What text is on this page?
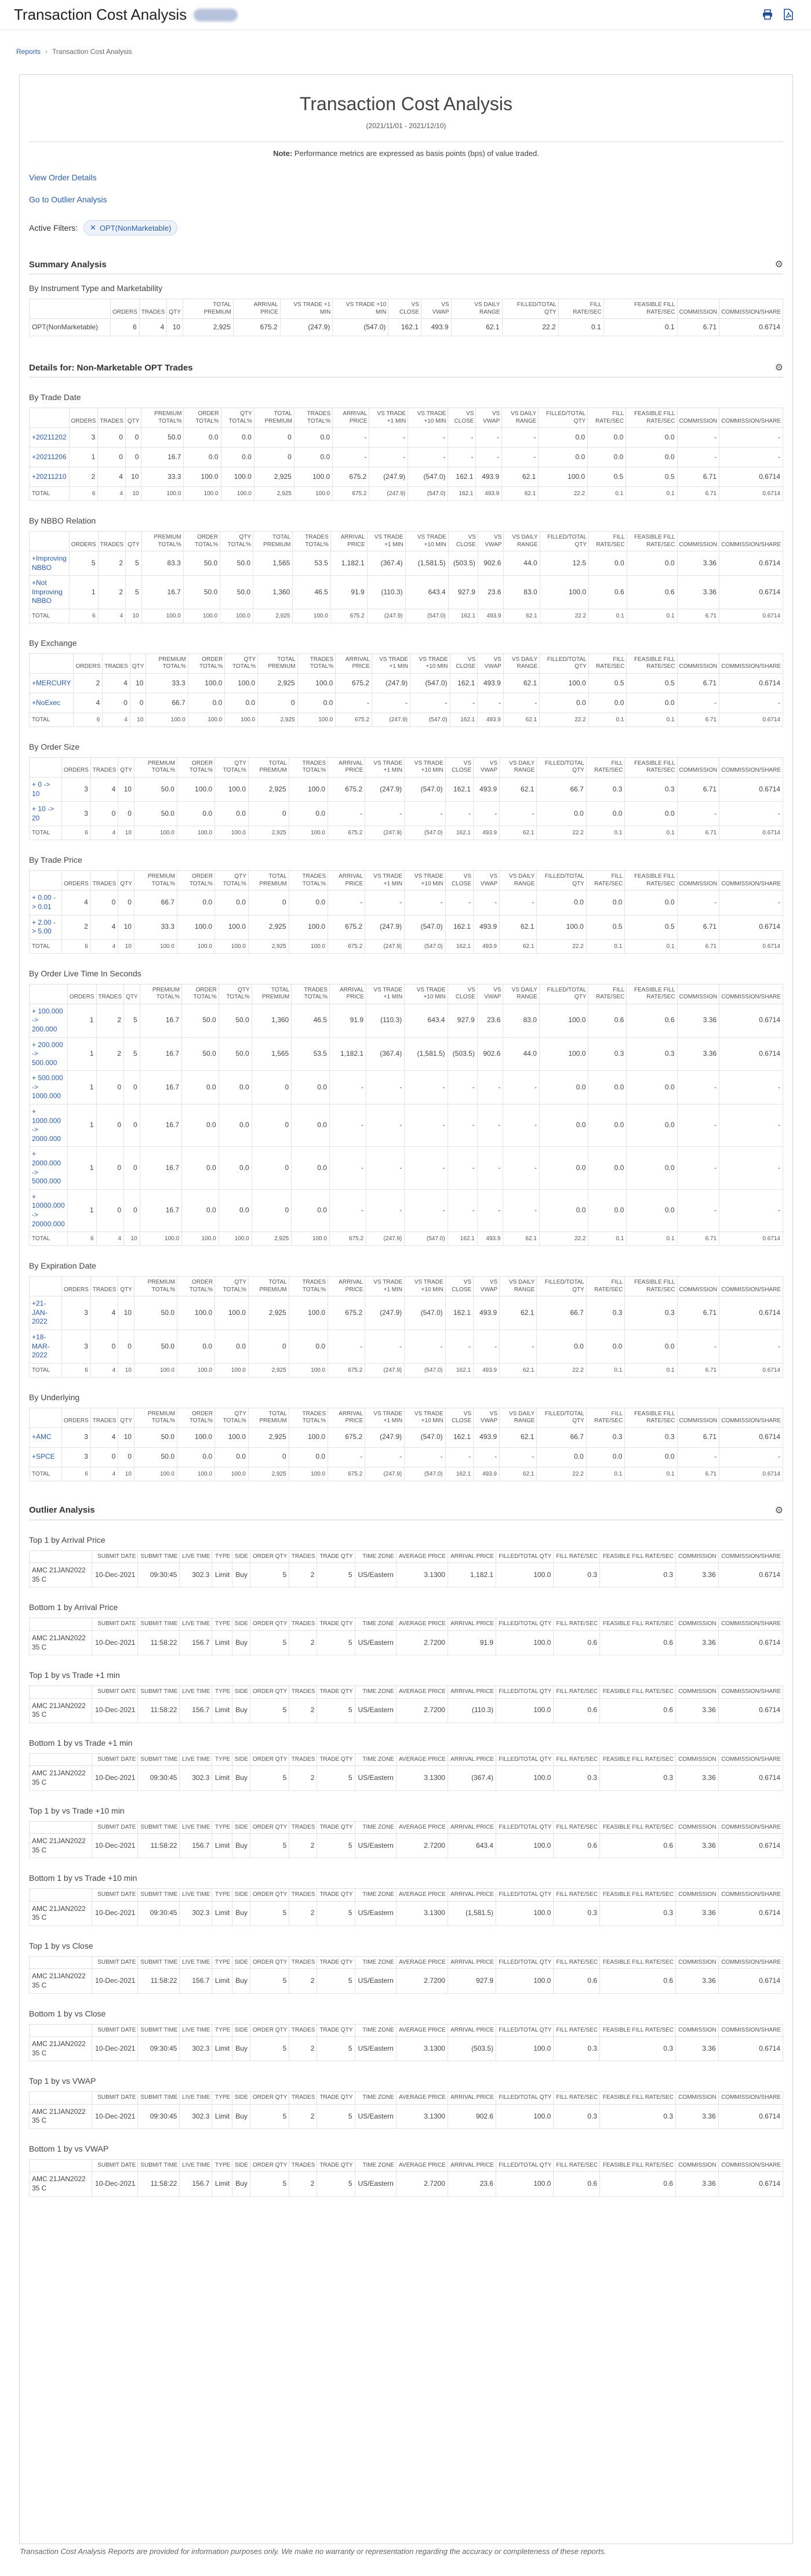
Transaction Cost Analysis
Reports › Transaction Cost Analysis
Transaction Cost Analysis
(2021/11/01 - 2021/12/10)
Note: Performance metrics are expressed as basis points (bps) of value traded.
View Order Details
Go to Outlier Analysis
Active Filters: ✕ OPT(NonMarketable)
Summary Analysis	⚙
By Instrument Type and Marketability
	ORDERS	TRADES	QTY	TOTAL PREMIUM	ARRIVAL PRICE	VS TRADE +1 MIN	VS TRADE +10 MIN	VS CLOSE	VS VWAP	VS DAILY RANGE	FILLED/TOTAL QTY	FILL RATE/SEC	FEASIBLE FILL RATE/SEC	COMMISSION	COMMISSION/SHARE
OPT(NonMarketable)	6	4	10	2,925	675.2	(247.9)	(547.0)	162.1	493.9	62.1	22.2	0.1	0.1	6.71	0.6714
Details for: Non-Marketable OPT Trades	⚙
By Trade Date
	ORDERS	TRADES	QTY	PREMIUM TOTAL%	ORDER TOTAL%	QTY TOTAL%	TOTAL PREMIUM	TRADES TOTAL%	ARRIVAL PRICE	VS TRADE +1 MIN	VS TRADE +10 MIN	VS CLOSE	VS VWAP	VS DAILY RANGE	FILLED/TOTAL QTY	FILL RATE/SEC	FEASIBLE FILL RATE/SEC	COMMISSION	COMMISSION/SHARE
+20211202	3	0	0	50.0	0.0	0.0	0	0.0	-	-	-	-	-	-	0.0	0.0	0.0	-	-
+20211206	1	0	0	16.7	0.0	0.0	0	0.0	-	-	-	-	-	-	0.0	0.0	0.0	-	-
+20211210	2	4	10	33.3	100.0	100.0	2,925	100.0	675.2	(247.9)	(547.0)	162.1	493.9	62.1	100.0	0.5	0.5	6.71	0.6714
TOTAL	6	4	10	100.0	100.0	100.0	2,925	100.0	675.2	(247.9)	(547.0)	162.1	493.9	62.1	22.2	0.1	0.1	6.71	0.6714
By NBBO Relation
	ORDERS	TRADES	QTY	PREMIUM TOTAL%	ORDER TOTAL%	QTY TOTAL%	TOTAL PREMIUM	TRADES TOTAL%	ARRIVAL PRICE	VS TRADE +1 MIN	VS TRADE +10 MIN	VS CLOSE	VS VWAP	VS DAILY RANGE	FILLED/TOTAL QTY	FILL RATE/SEC	FEASIBLE FILL RATE/SEC	COMMISSION	COMMISSION/SHARE
+Improving NBBO	5	2	5	83.3	50.0	50.0	1,565	53.5	1,182.1	(367.4)	(1,581.5)	(503.5)	902.6	44.0	12.5	0.0	0.0	3.36	0.6714
+Not Improving NBBO	1	2	5	16.7	50.0	50.0	1,360	46.5	91.9	(110.3)	643.4	927.9	23.6	83.0	100.0	0.6	0.6	3.36	0.6714
TOTAL	6	4	10	100.0	100.0	100.0	2,925	100.0	675.2	(247.9)	(547.0)	162.1	493.9	62.1	22.2	0.1	0.1	6.71	0.6714
By Exchange
	ORDERS	TRADES	QTY	PREMIUM TOTAL%	ORDER TOTAL%	QTY TOTAL%	TOTAL PREMIUM	TRADES TOTAL%	ARRIVAL PRICE	VS TRADE +1 MIN	VS TRADE +10 MIN	VS CLOSE	VS VWAP	VS DAILY RANGE	FILLED/TOTAL QTY	FILL RATE/SEC	FEASIBLE FILL RATE/SEC	COMMISSION	COMMISSION/SHARE
+MERCURY	2	4	10	33.3	100.0	100.0	2,925	100.0	675.2	(247.9)	(547.0)	162.1	493.9	62.1	100.0	0.5	0.5	6.71	0.6714
+NoExec	4	0	0	66.7	0.0	0.0	0	0.0	-	-	-	-	-	-	0.0	0.0	0.0	-	-
TOTAL	6	4	10	100.0	100.0	100.0	2,925	100.0	675.2	(247.9)	(547.0)	162.1	493.9	62.1	22.2	0.1	0.1	6.71	0.6714
By Order Size
	ORDERS	TRADES	QTY	PREMIUM TOTAL%	ORDER TOTAL%	QTY TOTAL%	TOTAL PREMIUM	TRADES TOTAL%	ARRIVAL PRICE	VS TRADE +1 MIN	VS TRADE +10 MIN	VS CLOSE	VS VWAP	VS DAILY RANGE	FILLED/TOTAL QTY	FILL RATE/SEC	FEASIBLE FILL RATE/SEC	COMMISSION	COMMISSION/SHARE
+ 0 -> 10	3	4	10	50.0	100.0	100.0	2,925	100.0	675.2	(247.9)	(547.0)	162.1	493.9	62.1	66.7	0.3	0.3	6.71	0.6714
+ 10 -> 20	3	0	0	50.0	0.0	0.0	0	0.0	-	-	-	-	-	-	0.0	0.0	0.0	-	-
TOTAL	6	4	10	100.0	100.0	100.0	2,925	100.0	675.2	(247.9)	(547.0)	162.1	493.9	62.1	22.2	0.1	0.1	6.71	0.6714
By Trade Price
	ORDERS	TRADES	QTY	PREMIUM TOTAL%	ORDER TOTAL%	QTY TOTAL%	TOTAL PREMIUM	TRADES TOTAL%	ARRIVAL PRICE	VS TRADE +1 MIN	VS TRADE +10 MIN	VS CLOSE	VS VWAP	VS DAILY RANGE	FILLED/TOTAL QTY	FILL RATE/SEC	FEASIBLE FILL RATE/SEC	COMMISSION	COMMISSION/SHARE
+ 0.00 -> 0.01	4	0	0	66.7	0.0	0.0	0	0.0	-	-	-	-	-	-	0.0	0.0	0.0	-	-
+ 2.00 -> 5.00	2	4	10	33.3	100.0	100.0	2,925	100.0	675.2	(247.9)	(547.0)	162.1	493.9	62.1	100.0	0.5	0.5	6.71	0.6714
TOTAL	6	4	10	100.0	100.0	100.0	2,925	100.0	675.2	(247.9)	(547.0)	162.1	493.9	62.1	22.2	0.1	0.1	6.71	0.6714
By Order Live Time In Seconds
	ORDERS	TRADES	QTY	PREMIUM TOTAL%	ORDER TOTAL%	QTY TOTAL%	TOTAL PREMIUM	TRADES TOTAL%	ARRIVAL PRICE	VS TRADE +1 MIN	VS TRADE +10 MIN	VS CLOSE	VS VWAP	VS DAILY RANGE	FILLED/TOTAL QTY	FILL RATE/SEC	FEASIBLE FILL RATE/SEC	COMMISSION	COMMISSION/SHARE
+ 100.000 -> 200.000	1	2	5	16.7	50.0	50.0	1,360	46.5	91.9	(110.3)	643.4	927.9	23.6	83.0	100.0	0.6	0.6	3.36	0.6714
+ 200.000 -> 500.000	1	2	5	16.7	50.0	50.0	1,565	53.5	1,182.1	(367.4)	(1,581.5)	(503.5)	902.6	44.0	100.0	0.3	0.3	3.36	0.6714
+ 500.000 -> 1000.000	1	0	0	16.7	0.0	0.0	0	0.0	-	-	-	-	-	-	0.0	0.0	0.0	-	-
+ 1000.000 -> 2000.000	1	0	0	16.7	0.0	0.0	0	0.0	-	-	-	-	-	-	0.0	0.0	0.0	-	-
+ 2000.000 -> 5000.000	1	0	0	16.7	0.0	0.0	0	0.0	-	-	-	-	-	-	0.0	0.0	0.0	-	-
+ 10000.000 -> 20000.000	1	0	0	16.7	0.0	0.0	0	0.0	-	-	-	-	-	-	0.0	0.0	0.0	-	-
TOTAL	6	4	10	100.0	100.0	100.0	2,925	100.0	675.2	(247.9)	(547.0)	162.1	493.9	62.1	22.2	0.1	0.1	6.71	0.6714
By Expiration Date
	ORDERS	TRADES	QTY	PREMIUM TOTAL%	ORDER TOTAL%	QTY TOTAL%	TOTAL PREMIUM	TRADES TOTAL%	ARRIVAL PRICE	VS TRADE +1 MIN	VS TRADE +10 MIN	VS CLOSE	VS VWAP	VS DAILY RANGE	FILLED/TOTAL QTY	FILL RATE/SEC	FEASIBLE FILL RATE/SEC	COMMISSION	COMMISSION/SHARE
+21-JAN-2022	3	4	10	50.0	100.0	100.0	2,925	100.0	675.2	(247.9)	(547.0)	162.1	493.9	62.1	66.7	0.3	0.3	6.71	0.6714
+18-MAR-2022	3	0	0	50.0	0.0	0.0	0	0.0	-	-	-	-	-	-	0.0	0.0	0.0	-	-
TOTAL	6	4	10	100.0	100.0	100.0	2,925	100.0	675.2	(247.9)	(547.0)	162.1	493.9	62.1	22.2	0.1	0.1	6.71	0.6714
By Underlying
	ORDERS	TRADES	QTY	PREMIUM TOTAL%	ORDER TOTAL%	QTY TOTAL%	TOTAL PREMIUM	TRADES TOTAL%	ARRIVAL PRICE	VS TRADE +1 MIN	VS TRADE +10 MIN	VS CLOSE	VS VWAP	VS DAILY RANGE	FILLED/TOTAL QTY	FILL RATE/SEC	FEASIBLE FILL RATE/SEC	COMMISSION	COMMISSION/SHARE
+AMC	3	4	10	50.0	100.0	100.0	2,925	100.0	675.2	(247.9)	(547.0)	162.1	493.9	62.1	66.7	0.3	0.3	6.71	0.6714
+SPCE	3	0	0	50.0	0.0	0.0	0	0.0	-	-	-	-	-	-	0.0	0.0	0.0	-	-
TOTAL	6	4	10	100.0	100.0	100.0	2,925	100.0	675.2	(247.9)	(547.0)	162.1	493.9	62.1	22.2	0.1	0.1	6.71	0.6714
Outlier Analysis	⚙
Top 1 by Arrival Price
	SUBMIT DATE	SUBMIT TIME	LIVE TIME	TYPE	SIDE	ORDER QTY	TRADES	TRADE QTY	TIME ZONE	AVERAGE PRICE	ARRIVAL PRICE	FILLED/TOTAL QTY	FILL RATE/SEC	FEASIBLE FILL RATE/SEC	COMMISSION	COMMISSION/SHARE
AMC 21JAN2022 35 C	10-Dec-2021	09:30:45	302.3	Limit	Buy	5	2	5	US/Eastern	3.1300	1,182.1	100.0	0.3	0.3	3.36	0.6714
Bottom 1 by Arrival Price
	SUBMIT DATE	SUBMIT TIME	LIVE TIME	TYPE	SIDE	ORDER QTY	TRADES	TRADE QTY	TIME ZONE	AVERAGE PRICE	ARRIVAL PRICE	FILLED/TOTAL QTY	FILL RATE/SEC	FEASIBLE FILL RATE/SEC	COMMISSION	COMMISSION/SHARE
AMC 21JAN2022 35 C	10-Dec-2021	11:58:22	156.7	Limit	Buy	5	2	5	US/Eastern	2.7200	91.9	100.0	0.6	0.6	3.36	0.6714
Top 1 by vs Trade +1 min
	SUBMIT DATE	SUBMIT TIME	LIVE TIME	TYPE	SIDE	ORDER QTY	TRADES	TRADE QTY	TIME ZONE	AVERAGE PRICE	ARRIVAL PRICE	FILLED/TOTAL QTY	FILL RATE/SEC	FEASIBLE FILL RATE/SEC	COMMISSION	COMMISSION/SHARE
AMC 21JAN2022 35 C	10-Dec-2021	11:58:22	156.7	Limit	Buy	5	2	5	US/Eastern	2.7200	(110.3)	100.0	0.6	0.6	3.36	0.6714
Bottom 1 by vs Trade +1 min
	SUBMIT DATE	SUBMIT TIME	LIVE TIME	TYPE	SIDE	ORDER QTY	TRADES	TRADE QTY	TIME ZONE	AVERAGE PRICE	ARRIVAL PRICE	FILLED/TOTAL QTY	FILL RATE/SEC	FEASIBLE FILL RATE/SEC	COMMISSION	COMMISSION/SHARE
AMC 21JAN2022 35 C	10-Dec-2021	09:30:45	302.3	Limit	Buy	5	2	5	US/Eastern	3.1300	(367.4)	100.0	0.3	0.3	3.36	0.6714
Top 1 by vs Trade +10 min
	SUBMIT DATE	SUBMIT TIME	LIVE TIME	TYPE	SIDE	ORDER QTY	TRADES	TRADE QTY	TIME ZONE	AVERAGE PRICE	ARRIVAL PRICE	FILLED/TOTAL QTY	FILL RATE/SEC	FEASIBLE FILL RATE/SEC	COMMISSION	COMMISSION/SHARE
AMC 21JAN2022 35 C	10-Dec-2021	11:58:22	156.7	Limit	Buy	5	2	5	US/Eastern	2.7200	643.4	100.0	0.6	0.6	3.36	0.6714
Bottom 1 by vs Trade +10 min
	SUBMIT DATE	SUBMIT TIME	LIVE TIME	TYPE	SIDE	ORDER QTY	TRADES	TRADE QTY	TIME ZONE	AVERAGE PRICE	ARRIVAL PRICE	FILLED/TOTAL QTY	FILL RATE/SEC	FEASIBLE FILL RATE/SEC	COMMISSION	COMMISSION/SHARE
AMC 21JAN2022 35 C	10-Dec-2021	09:30:45	302.3	Limit	Buy	5	2	5	US/Eastern	3.1300	(1,581.5)	100.0	0.3	0.3	3.36	0.6714
Top 1 by vs Close
	SUBMIT DATE	SUBMIT TIME	LIVE TIME	TYPE	SIDE	ORDER QTY	TRADES	TRADE QTY	TIME ZONE	AVERAGE PRICE	ARRIVAL PRICE	FILLED/TOTAL QTY	FILL RATE/SEC	FEASIBLE FILL RATE/SEC	COMMISSION	COMMISSION/SHARE
AMC 21JAN2022 35 C	10-Dec-2021	11:58:22	156.7	Limit	Buy	5	2	5	US/Eastern	2.7200	927.9	100.0	0.6	0.6	3.36	0.6714
Bottom 1 by vs Close
	SUBMIT DATE	SUBMIT TIME	LIVE TIME	TYPE	SIDE	ORDER QTY	TRADES	TRADE QTY	TIME ZONE	AVERAGE PRICE	ARRIVAL PRICE	FILLED/TOTAL QTY	FILL RATE/SEC	FEASIBLE FILL RATE/SEC	COMMISSION	COMMISSION/SHARE
AMC 21JAN2022 35 C	10-Dec-2021	09:30:45	302.3	Limit	Buy	5	2	5	US/Eastern	3.1300	(503.5)	100.0	0.3	0.3	3.36	0.6714
Top 1 by vs VWAP
	SUBMIT DATE	SUBMIT TIME	LIVE TIME	TYPE	SIDE	ORDER QTY	TRADES	TRADE QTY	TIME ZONE	AVERAGE PRICE	ARRIVAL PRICE	FILLED/TOTAL QTY	FILL RATE/SEC	FEASIBLE FILL RATE/SEC	COMMISSION	COMMISSION/SHARE
AMC 21JAN2022 35 C	10-Dec-2021	09:30:45	302.3	Limit	Buy	5	2	5	US/Eastern	3.1300	902.6	100.0	0.3	0.3	3.36	0.6714
Bottom 1 by vs VWAP
	SUBMIT DATE	SUBMIT TIME	LIVE TIME	TYPE	SIDE	ORDER QTY	TRADES	TRADE QTY	TIME ZONE	AVERAGE PRICE	ARRIVAL PRICE	FILLED/TOTAL QTY	FILL RATE/SEC	FEASIBLE FILL RATE/SEC	COMMISSION	COMMISSION/SHARE
AMC 21JAN2022 35 C	10-Dec-2021	11:58:22	156.7	Limit	Buy	5	2	5	US/Eastern	2.7200	23.6	100.0	0.6	0.6	3.36	0.6714
Transaction Cost Analysis Reports are provided for information purposes only. We make no warranty or representation regarding the accuracy or completeness of these reports.
